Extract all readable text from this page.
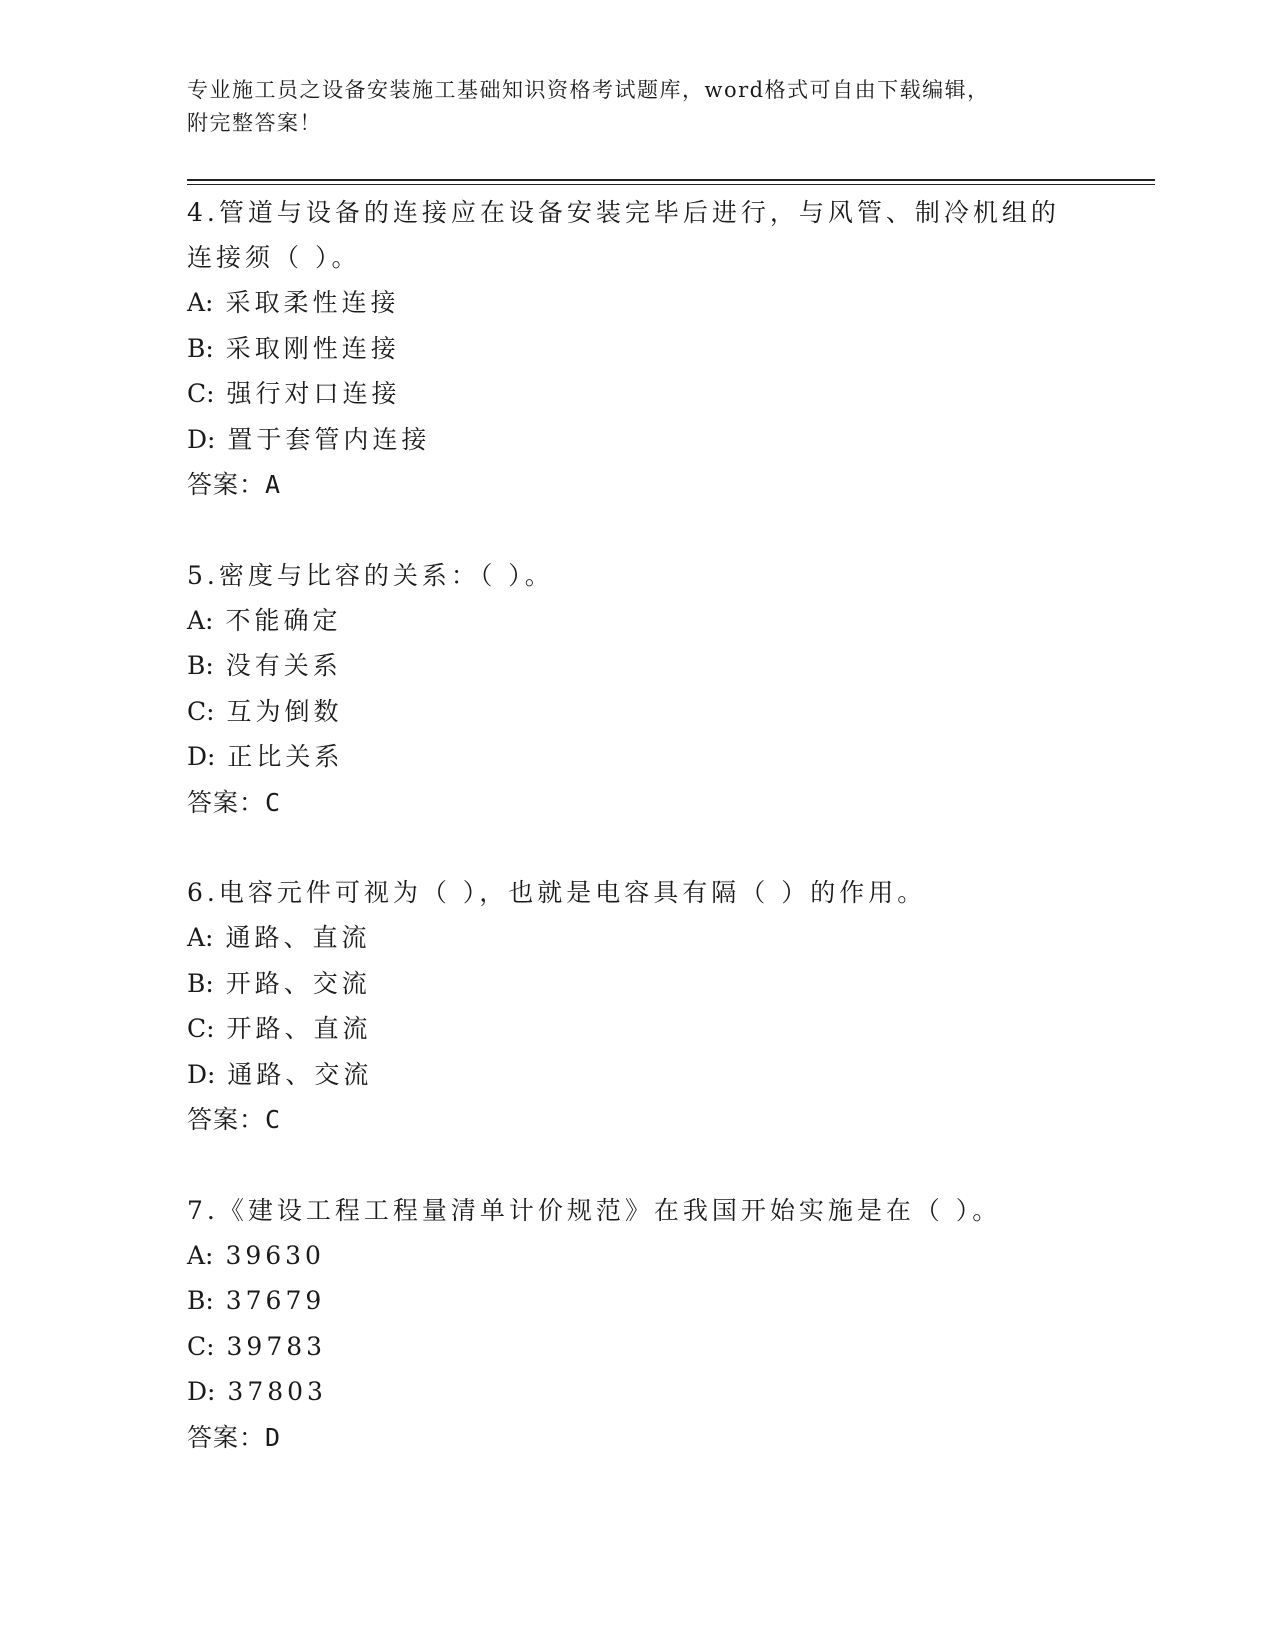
专业施工员之设备安装施工基础知识资格考试题库，word格式可自由下载编辑，
附完整答案！
4.管道与设备的连接应在设备安装完毕后进行，与风管、制冷机组的连接须（ ）。
A: 采取柔性连接
B: 采取刚性连接
C: 强行对口连接
D: 置于套管内连接
答案：A
5.密度与比容的关系：（ ）。
A: 不能确定
B: 没有关系
C: 互为倒数
D: 正比关系
答案：C
6.电容元件可视为（ ），也就是电容具有隔（ ）的作用。
A: 通路、直流
B: 开路、交流
C: 开路、直流
D: 通路、交流
答案：C
7.《建设工程工程量清单计价规范》在我国开始实施是在（ ）。
A: 39630
B: 37679
C: 39783
D: 37803
答案：D
